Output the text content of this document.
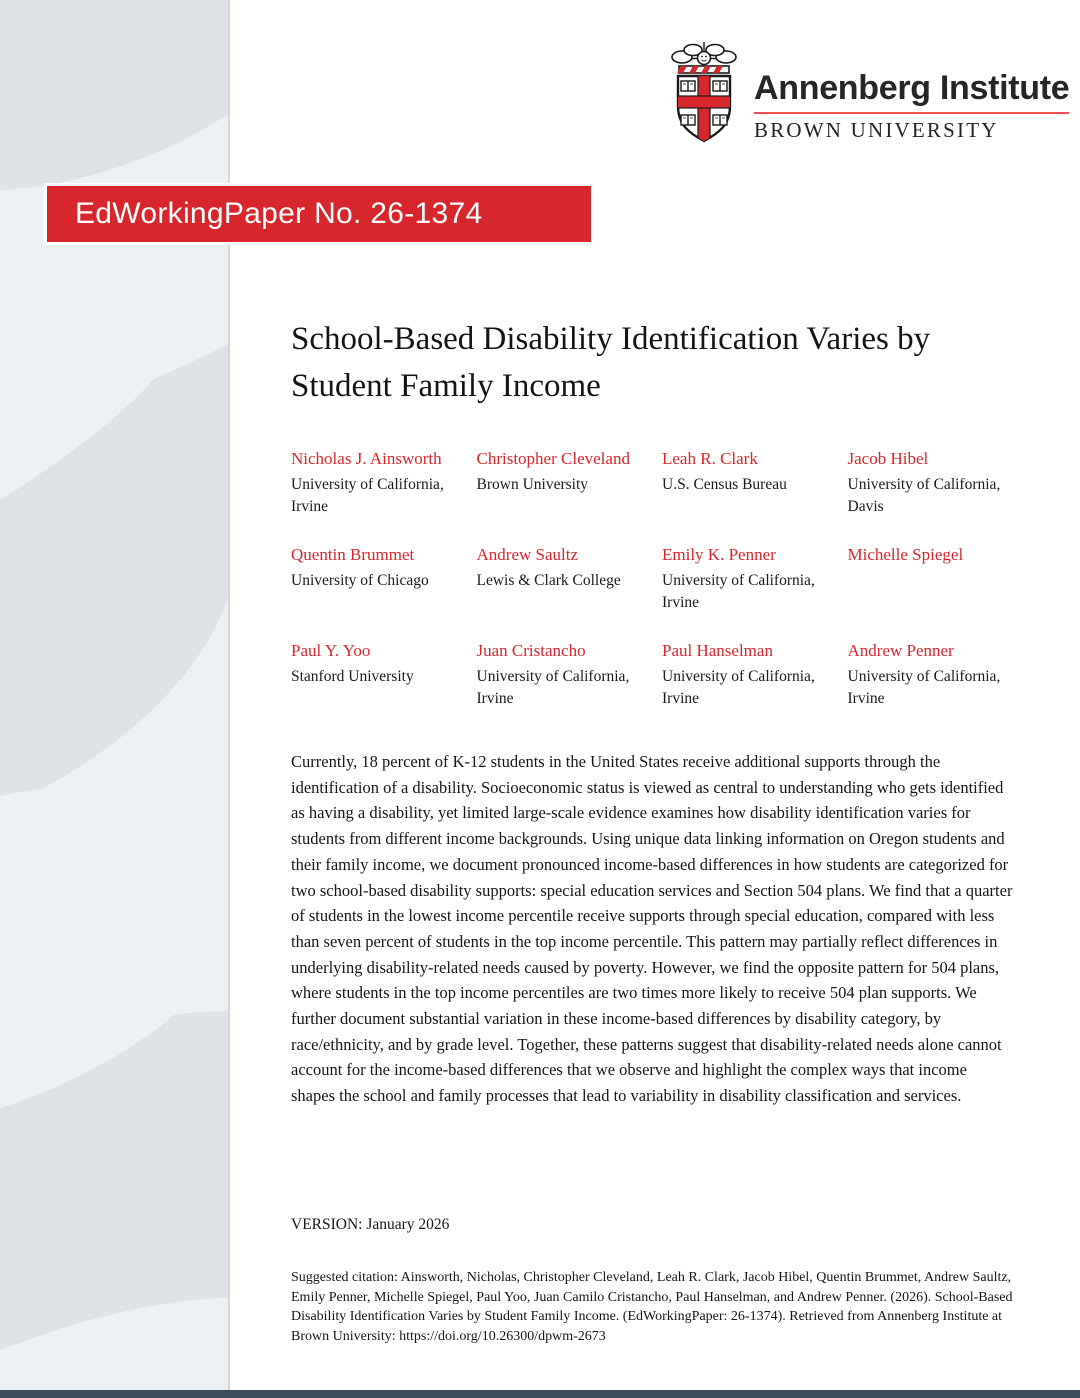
Annenberg Institute
BROWN UNIVERSITY
EdWorkingPaper No. 26-1374
School-Based Disability Identification Varies by Student Family Income
Nicholas J. Ainsworth
University of California, Irvine
Christopher Cleveland
Brown University
Leah R. Clark
U.S. Census Bureau
Jacob Hibel
University of California, Davis
Quentin Brummet
University of Chicago
Andrew Saultz
Lewis & Clark College
Emily K. Penner
University of California, Irvine
Michelle Spiegel
Paul Y. Yoo
Stanford University
Juan Cristancho
University of California, Irvine
Paul Hanselman
University of California, Irvine
Andrew Penner
University of California, Irvine

Currently, 18 percent of K-12 students in the United States receive additional supports through the identification of a disability. Socioeconomic status is viewed as central to understanding who gets identified as having a disability, yet limited large-scale evidence examines how disability identification varies for students from different income backgrounds. Using unique data linking information on Oregon students and their family income, we document pronounced income-based differences in how students are categorized for two school-based disability supports: special education services and Section 504 plans. We find that a quarter of students in the lowest income percentile receive supports through special education, compared with less than seven percent of students in the top income percentile. This pattern may partially reflect differences in underlying disability-related needs caused by poverty. However, we find the opposite pattern for 504 plans, where students in the top income percentiles are two times more likely to receive 504 plan supports. We further document substantial variation in these income-based differences by disability category, by race/ethnicity, and by grade level. Together, these patterns suggest that disability-related needs alone cannot account for the income-based differences that we observe and highlight the complex ways that income shapes the school and family processes that lead to variability in disability classification and services.

VERSION: January 2026

Suggested citation: Ainsworth, Nicholas, Christopher Cleveland, Leah R. Clark, Jacob Hibel, Quentin Brummet, Andrew Saultz, Emily Penner, Michelle Spiegel, Paul Yoo, Juan Camilo Cristancho, Paul Hanselman, and Andrew Penner. (2026). School-Based Disability Identification Varies by Student Family Income. (EdWorkingPaper: 26-1374). Retrieved from Annenberg Institute at Brown University: https://doi.org/10.26300/dpwm-2673
